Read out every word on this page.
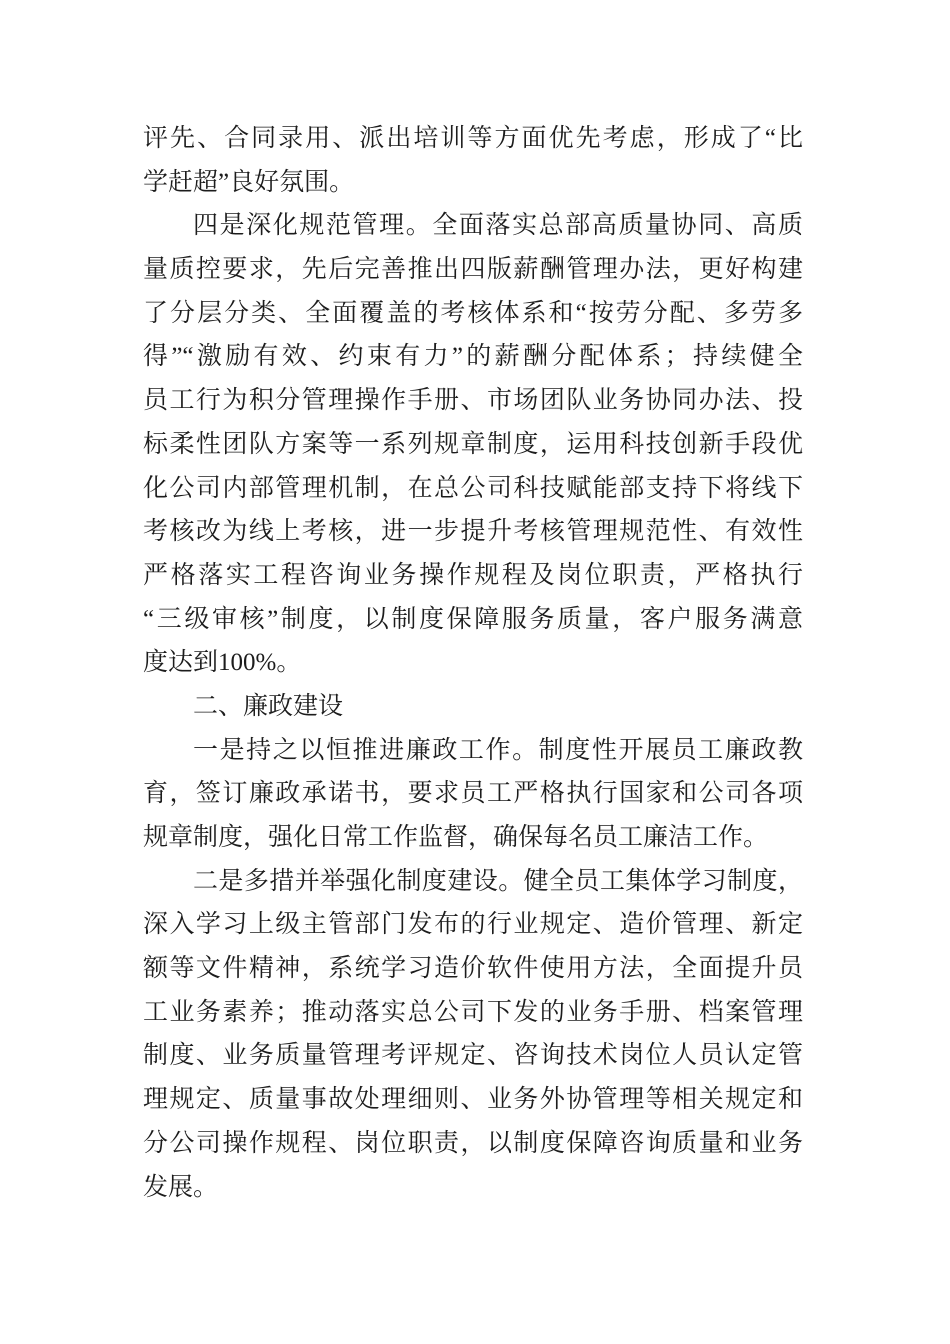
评先、合同录用、派出培训等方面优先考虑，形成了“比
学赶超”良好氛围。
四是深化规范管理。全面落实总部高质量协同、高质
量质控要求，先后完善推出四版薪酬管理办法，更好构建
了分层分类、全面覆盖的考核体系和“按劳分配、多劳多
得”“激励有效、约束有力”的薪酬分配体系；持续健全
员工行为积分管理操作手册、市场团队业务协同办法、投
标柔性团队方案等一系列规章制度，运用科技创新手段优
化公司内部管理机制，在总公司科技赋能部支持下将线下
考核改为线上考核，进一步提升考核管理规范性、有效性
严格落实工程咨询业务操作规程及岗位职责，严格执行
“三级审核”制度，以制度保障服务质量，客户服务满意
度达到100%。
二、廉政建设
一是持之以恒推进廉政工作。制度性开展员工廉政教
育，签订廉政承诺书，要求员工严格执行国家和公司各项
规章制度，强化日常工作监督，确保每名员工廉洁工作。
二是多措并举强化制度建设。健全员工集体学习制度，
深入学习上级主管部门发布的行业规定、造价管理、新定
额等文件精神，系统学习造价软件使用方法，全面提升员
工业务素养；推动落实总公司下发的业务手册、档案管理
制度、业务质量管理考评规定、咨询技术岗位人员认定管
理规定、质量事故处理细则、业务外协管理等相关规定和
分公司操作规程、岗位职责，以制度保障咨询质量和业务
发展。
